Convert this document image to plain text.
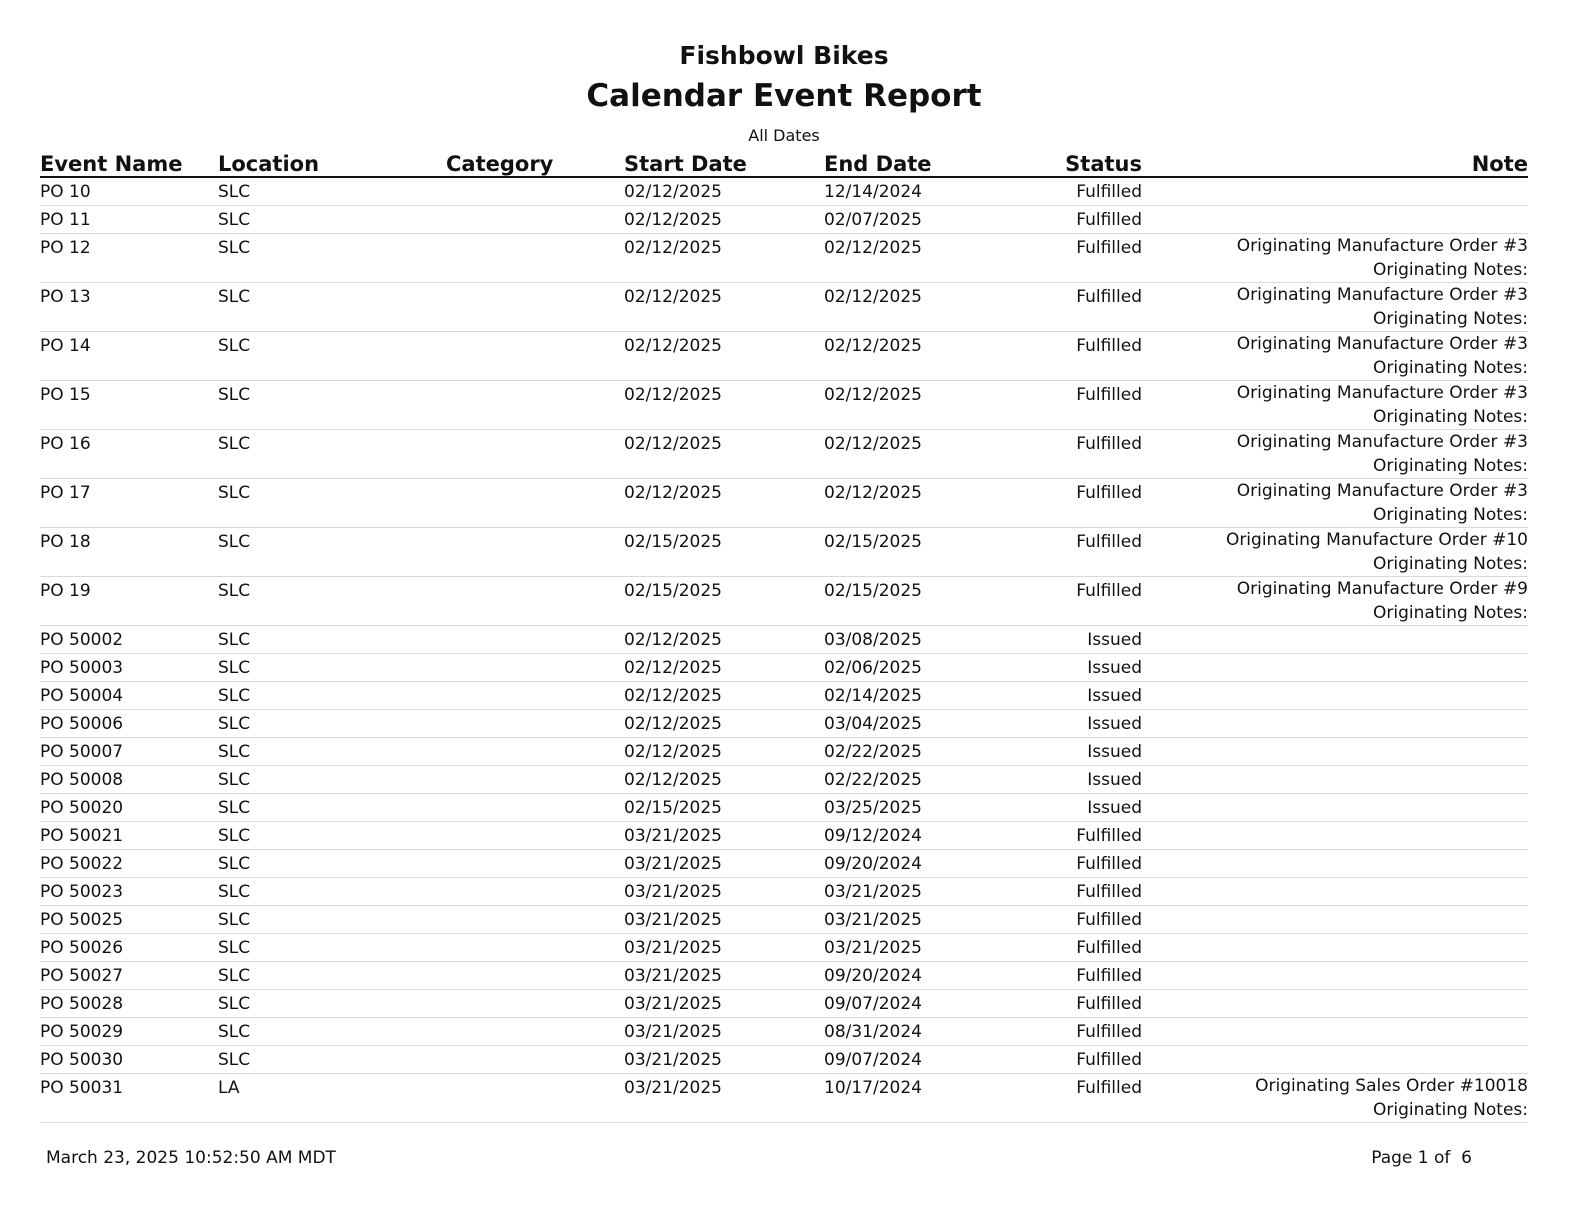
Fishbowl Bikes
Calendar Event Report
All Dates
Event Name	Location	Category	Start Date	End Date	Status	Note
PO 10	SLC		02/12/2025	12/14/2024	Fulfilled	
PO 11	SLC		02/12/2025	02/07/2025	Fulfilled	
PO 12	SLC		02/12/2025	02/12/2025	Fulfilled	Originating Manufacture Order #3
Originating Notes:

PO 13	SLC		02/12/2025	02/12/2025	Fulfilled	Originating Manufacture Order #3
Originating Notes:

PO 14	SLC		02/12/2025	02/12/2025	Fulfilled	Originating Manufacture Order #3
Originating Notes:

PO 15	SLC		02/12/2025	02/12/2025	Fulfilled	Originating Manufacture Order #3
Originating Notes:

PO 16	SLC		02/12/2025	02/12/2025	Fulfilled	Originating Manufacture Order #3
Originating Notes:

PO 17	SLC		02/12/2025	02/12/2025	Fulfilled	Originating Manufacture Order #3
Originating Notes:

PO 18	SLC		02/15/2025	02/15/2025	Fulfilled	Originating Manufacture Order #10
Originating Notes:

PO 19	SLC		02/15/2025	02/15/2025	Fulfilled	Originating Manufacture Order #9
Originating Notes:

PO 50002	SLC		02/12/2025	03/08/2025	Issued	
PO 50003	SLC		02/12/2025	02/06/2025	Issued	
PO 50004	SLC		02/12/2025	02/14/2025	Issued	
PO 50006	SLC		02/12/2025	03/04/2025	Issued	
PO 50007	SLC		02/12/2025	02/22/2025	Issued	
PO 50008	SLC		02/12/2025	02/22/2025	Issued	
PO 50020	SLC		02/15/2025	03/25/2025	Issued	
PO 50021	SLC		03/21/2025	09/12/2024	Fulfilled	
PO 50022	SLC		03/21/2025	09/20/2024	Fulfilled	
PO 50023	SLC		03/21/2025	03/21/2025	Fulfilled	
PO 50025	SLC		03/21/2025	03/21/2025	Fulfilled	
PO 50026	SLC		03/21/2025	03/21/2025	Fulfilled	
PO 50027	SLC		03/21/2025	09/20/2024	Fulfilled	
PO 50028	SLC		03/21/2025	09/07/2024	Fulfilled	
PO 50029	SLC		03/21/2025	08/31/2024	Fulfilled	
PO 50030	SLC		03/21/2025	09/07/2024	Fulfilled	
PO 50031	LA		03/21/2025	10/17/2024	Fulfilled	Originating Sales Order #10018
Originating Notes:
March 23, 2025 10:52:50 AM MDT	Page 1 of  6
